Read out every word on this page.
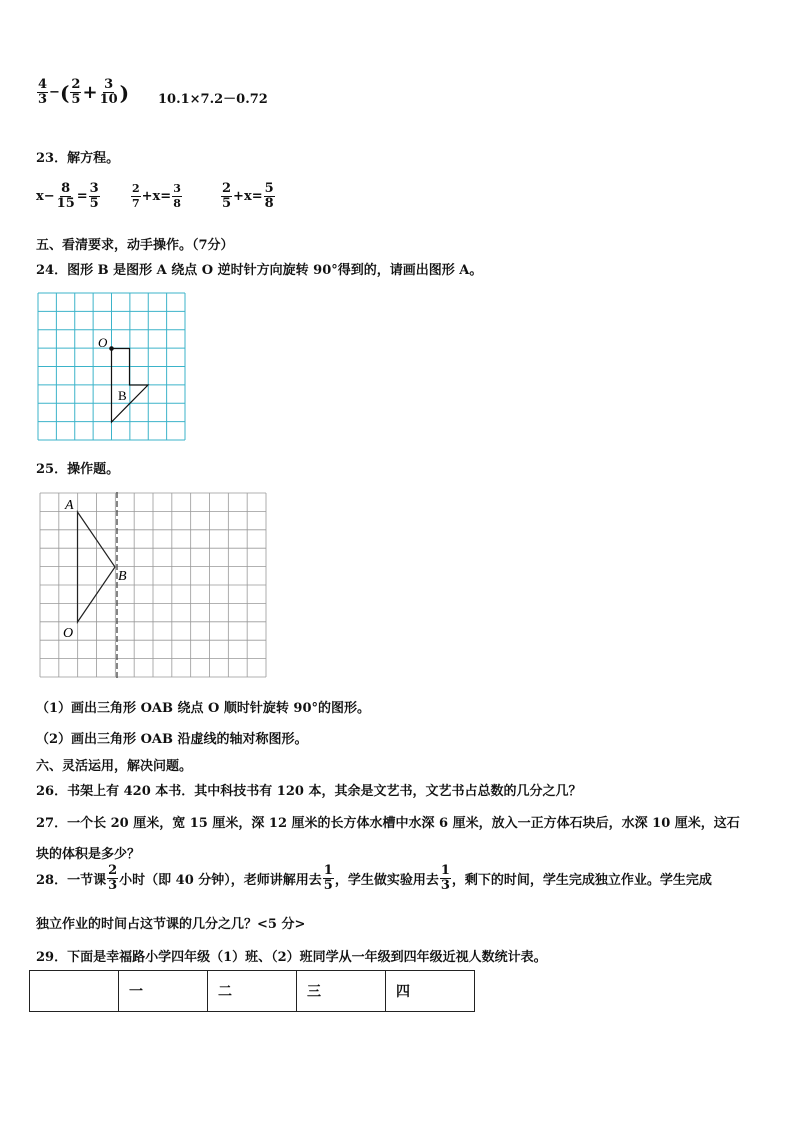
$\frac{4}{3}$ − ( $\frac{2}{5} + \frac{3}{10}$ ) 10.1×7.2－0.72
23．解方程。
$x- \frac{8}{15} = \frac{3}{5}$	$\frac{2}{7} +x= \frac{3}{8}$	$\frac{2}{5} +x= \frac{5}{8}$
五、看清要求，动手操作。（7分）
24．图形 B 是图形 A 绕点 O 逆时针方向旋转 90°得到的，请画出图形 A。
O
B
25．操作题。
A
B
O
（1）画出三角形 OAB 绕点 O 顺时针旋转 90°的图形。
（2）画出三角形 OAB 沿虚线的轴对称图形。
六、灵活运用，解决问题。
26．书架上有 420 本书．其中科技书有 120 本，其余是文艺书，文艺书占总数的几分之几？
27．一个长 20 厘米，宽 15 厘米，深 12 厘米的长方体水槽中水深 6 厘米，放入一正方体石块后，水深 10 厘米，这石
块的体积是多少？
28．一节课 $\frac{2}{3}$ 小时（即 40 分钟），老师讲解用去 $\frac{1}{5}$ ，学生做实验用去 $\frac{1}{3}$ ，剩下的时间，学生完成独立作业。学生完成
独立作业的时间占这节课的几分之几？<5 分>
29．下面是幸福路小学四年级（1）班、（2）班同学从一年级到四年级近视人数统计表。
	一	二	三	四
